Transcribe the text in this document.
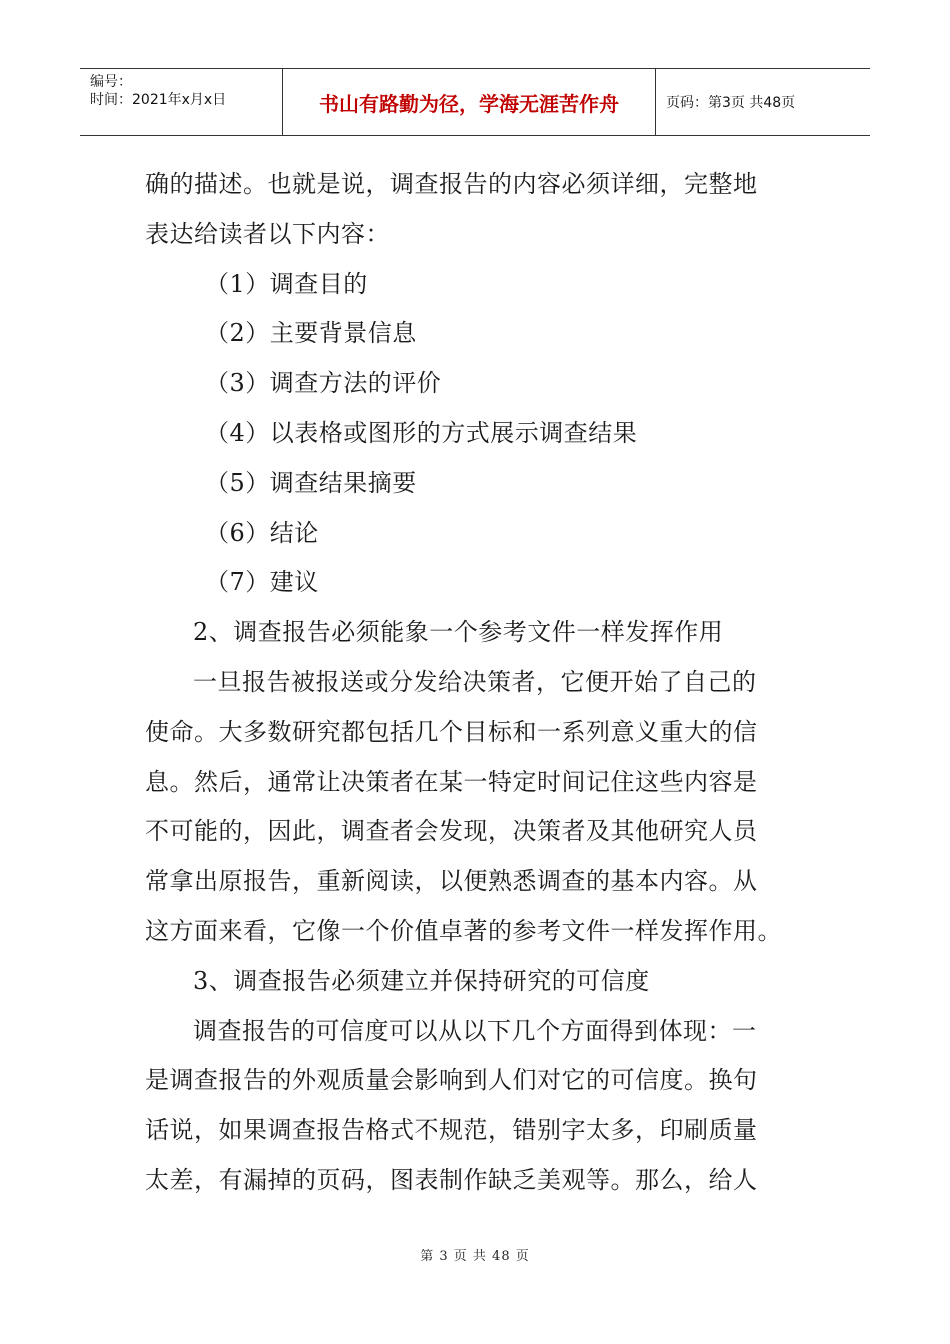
编号：
时间：2021年x月x日	书山有路勤为径，学海无涯苦作舟	页码：第3页 共48页
确的描述。也就是说，调查报告的内容必须详细，完整地
表达给读者以下内容：
（1）调查目的
（2）主要背景信息
（3）调查方法的评价
（4）以表格或图形的方式展示调查结果
（5）调查结果摘要
（6）结论
（7）建议
2、调查报告必须能象一个参考文件一样发挥作用
一旦报告被报送或分发给决策者，它便开始了自己的
使命。大多数研究都包括几个目标和一系列意义重大的信
息。然后，通常让决策者在某一特定时间记住这些内容是
不可能的，因此，调查者会发现，决策者及其他研究人员
常拿出原报告，重新阅读，以便熟悉调查的基本内容。从
这方面来看，它像一个价值卓著的参考文件一样发挥作用。
3、调查报告必须建立并保持研究的可信度
调查报告的可信度可以从以下几个方面得到体现：一
是调查报告的外观质量会影响到人们对它的可信度。换句
话说，如果调查报告格式不规范，错别字太多，印刷质量
太差，有漏掉的页码，图表制作缺乏美观等。那么，给人
第 3 页 共 48 页
